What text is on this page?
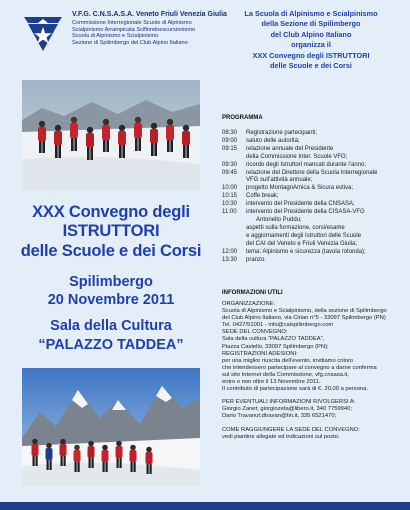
V.F.G. C.N.S.A.S.A. Veneto Friuli Venezia Giulia
Commissione Interregionale Scuole di Alpinismo
Scialpinismo Arrampicata Sciflondoescursionismo
Scuola di Alpinismo e Scialpinismo
Sezione di Spilimbergo del Club Alpino Italiano
XXX Convegno degli
ISTRUTTORI
delle Scuole e dei Corsi
Spilimbergo
20 Novembre 2011
Sala della Cultura
“PALAZZO TADDEA”
La Scuola di Alpinismo e Scialpinismo
della Sezione di Spilimbergo
del Club Alpino Italiano
organizza il
XXX Convegno degli ISTRUTTORI
delle Scuole e dei Corsi
PROGRAMMA
08:30	Registrazione partecipanti;
09:00	saluto delle autorità;
09:15	relazione annuale del Presidente
della Commissione Inter. Scuole VFG;
09:30	ricordo degli Istruttori mancati durante l’anno;
09:45	relazione del Direttore della Scuola Interregionale
VFG sull’attività annuale;
10:00	progetto MontagnAmica & Sicura estiva;
10:15	Coffe break;
10:30	intervento del Presidente della CNSASA;
11:00	intervento del Presidente della CISASA-VFG
Antonello Puddu;
aspetti sulla formazione, corsi/esame
e aggiornamenti degli Istruttori delle Scuole
del CAI del Veneto e Friuli Venezia Giulia;
12:00	tema: Alpinismo e sicurezza (tavola rotonda);
13:30	pranzo.
INFORMAZIONI UTILI
ORGANIZZAZIONE:
Scuola di Alpinismo e Scialpinismo, della sezione di Spilimbergo
del Club Alpino Italiano, via Cirian n°5 - 33097 Spilimbergo (PN)
Tel. 0427/51001 - info@caispilimbergo.com
SEDE DEL CONVEGNO:
Sala della cultura “PALAZZO TADDEA”,
Piazza Castello, 33097 Spilimbergo (PN);
REGISTRAZIONI ADESIONI:
per una miglior riuscita dell’evento, invitiamo coloro
che intendessero partecipare al convegno a darne conferma
sul sito Internet della Commissione, vfg.cnsasa.it,
entro e non oltre il 13 Novembre 2011.
Il contributo di partecipazione sarà di €. 20,00 a persona.
PER EVENTUALI INFORMAZIONI RIVOLGERSI A:
Giorgio Zanet; giorgiozeta@libero.it, 340 7759940;
Dario Travanut;dtravan@tin.it, 335 6521470;
COME RAGGIUNGERE LA SEDE DEL CONVEGNO:
vedi piantine allegate ed indicazioni sul posto.
